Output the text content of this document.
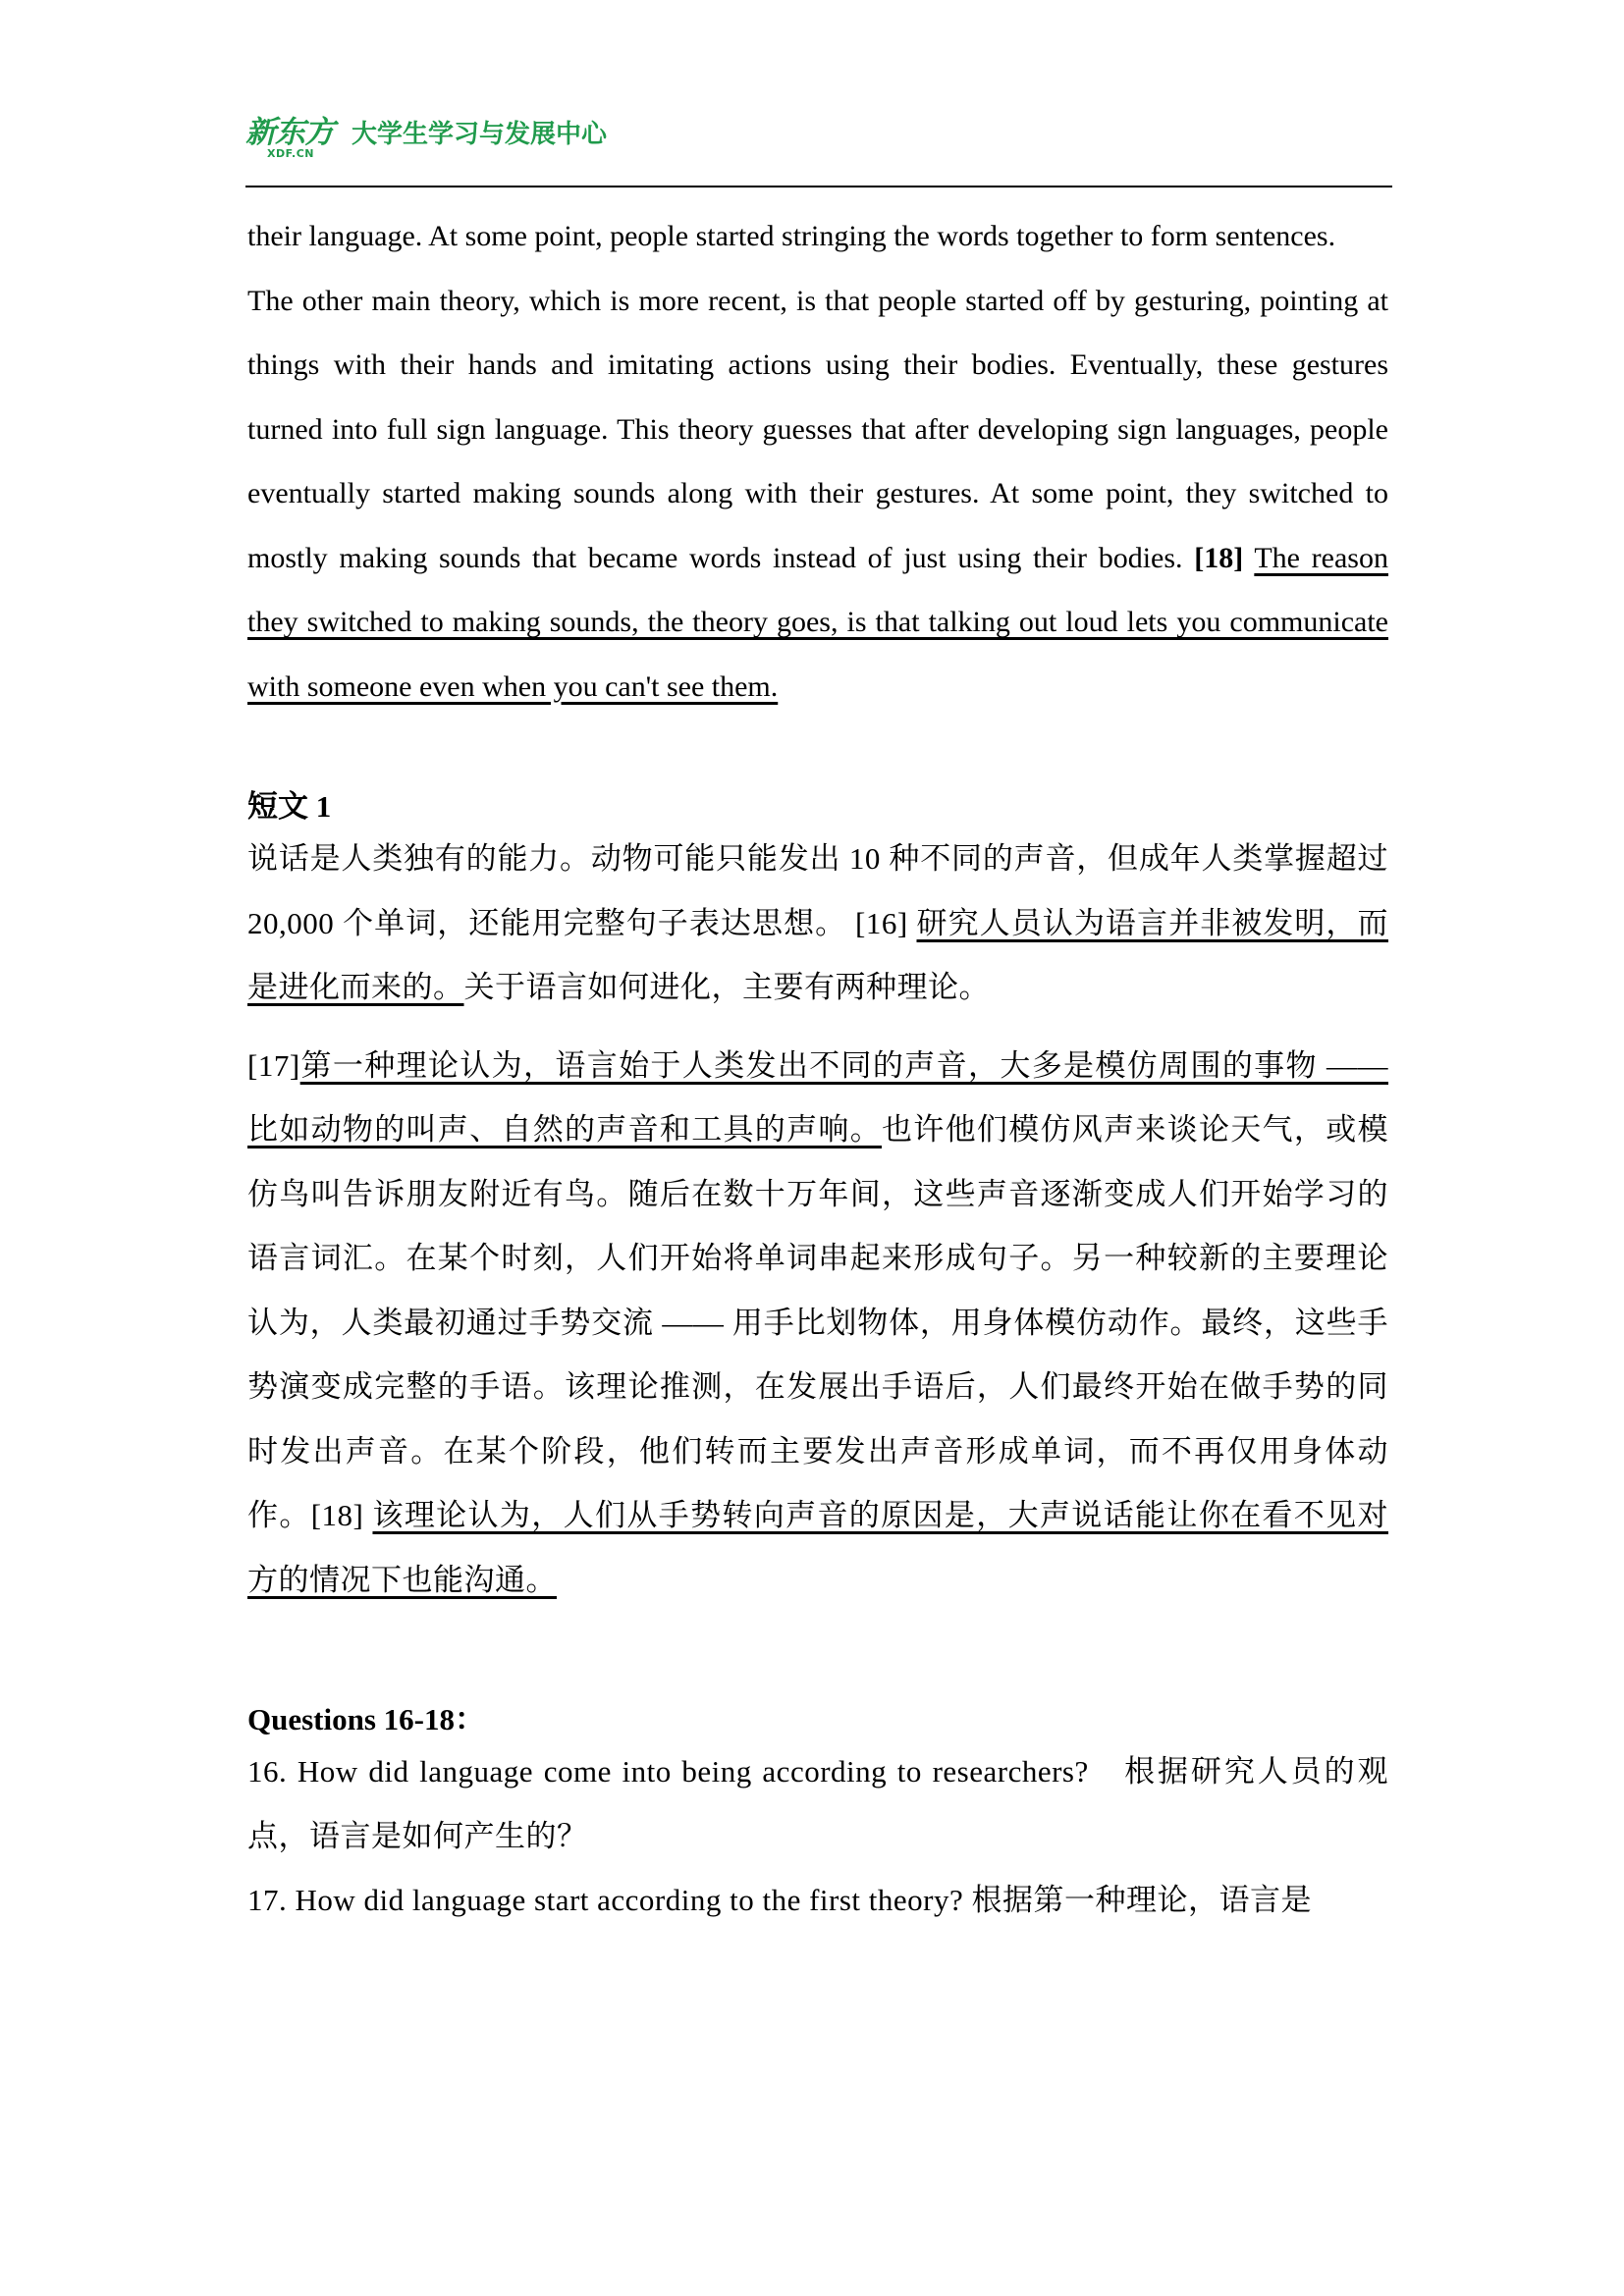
新东方
XDF.CN
大学生学习与发展中心

their language. At some point, people started stringing the words together to form sentences.

The other main theory, which is more recent, is that people started off by gesturing, pointing at things with their hands and imitating actions using their bodies. Eventually, these gestures turned into full sign language. This theory guesses that after developing sign languages, people eventually started making sounds along with their gestures. At some point, they switched to mostly making sounds that became words instead of just using their bodies. [18] The reason they switched to making sounds, the theory goes, is that talking out loud lets you communicate with someone even when you can't see them.

短文 1

说话是人类独有的能力。动物可能只能发出 10 种不同的声音，但成年人类掌握超过 20,000 个单词，还能用完整句子表达思想。 [16] 研究人员认为语言并非被发明，而是进化而来的。关于语言如何进化，主要有两种理论。

[17]第一种理论认为，语言始于人类发出不同的声音，大多是模仿周围的事物 —— 比如动物的叫声、自然的声音和工具的声响。也许他们模仿风声来谈论天气，或模仿鸟叫告诉朋友附近有鸟。随后在数十万年间，这些声音逐渐变成人们开始学习的语言词汇。在某个时刻，人们开始将单词串起来形成句子。另一种较新的主要理论认为，人类最初通过手势交流 —— 用手比划物体，用身体模仿动作。最终，这些手势演变成完整的手语。该理论推测，在发展出手语后，人们最终开始在做手势的同时发出声音。在某个阶段，他们转而主要发出声音形成单词，而不再仅用身体动作。[18] 该理论认为，人们从手势转向声音的原因是，大声说话能让你在看不见对方的情况下也能沟通。

Questions 16-18：

16. How did language come into being according to researchers?　根据研究人员的观点，语言是如何产生的？

17. How did language start according to the first theory? 根据第一种理论，语言是
